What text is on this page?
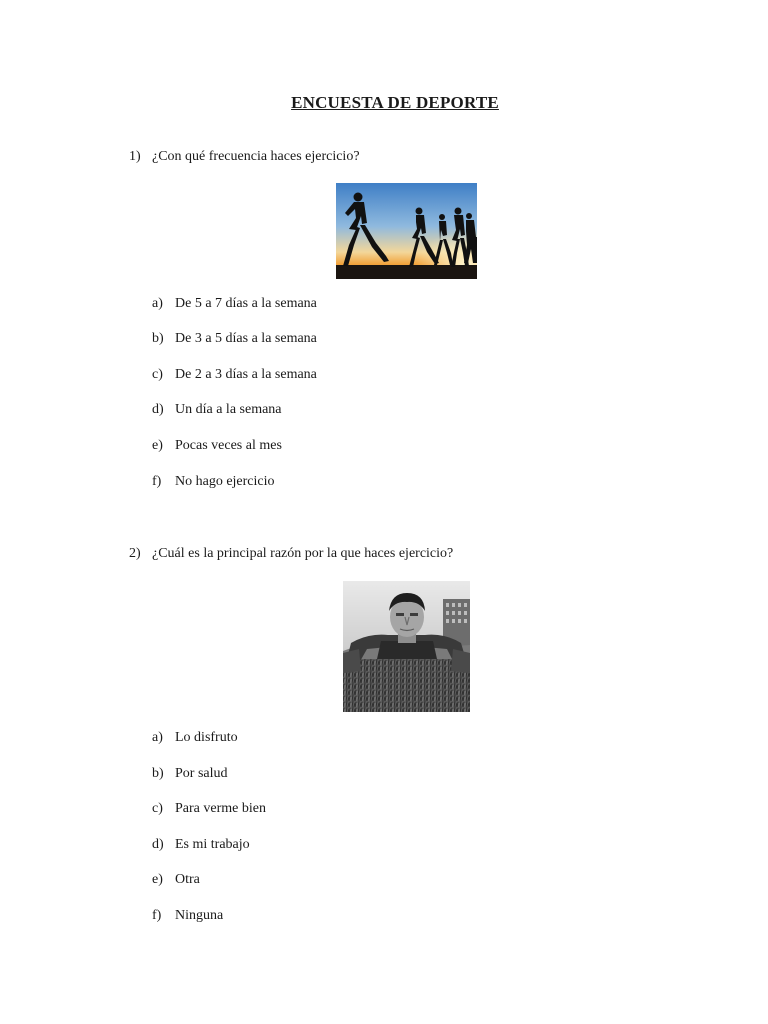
ENCUESTA DE DEPORTE
1) ¿Con qué frecuencia haces ejercicio?
a) De 5 a 7 días a la semana
b) De 3 a 5 días a la semana
c) De 2 a 3 días a la semana
d) Un día a la semana
e) Pocas veces al mes
f) No hago ejercicio
2) ¿Cuál es la principal razón por la que haces ejercicio?
a) Lo disfruto
b) Por salud
c) Para verme bien
d) Es mi trabajo
e) Otra
f) Ninguna
